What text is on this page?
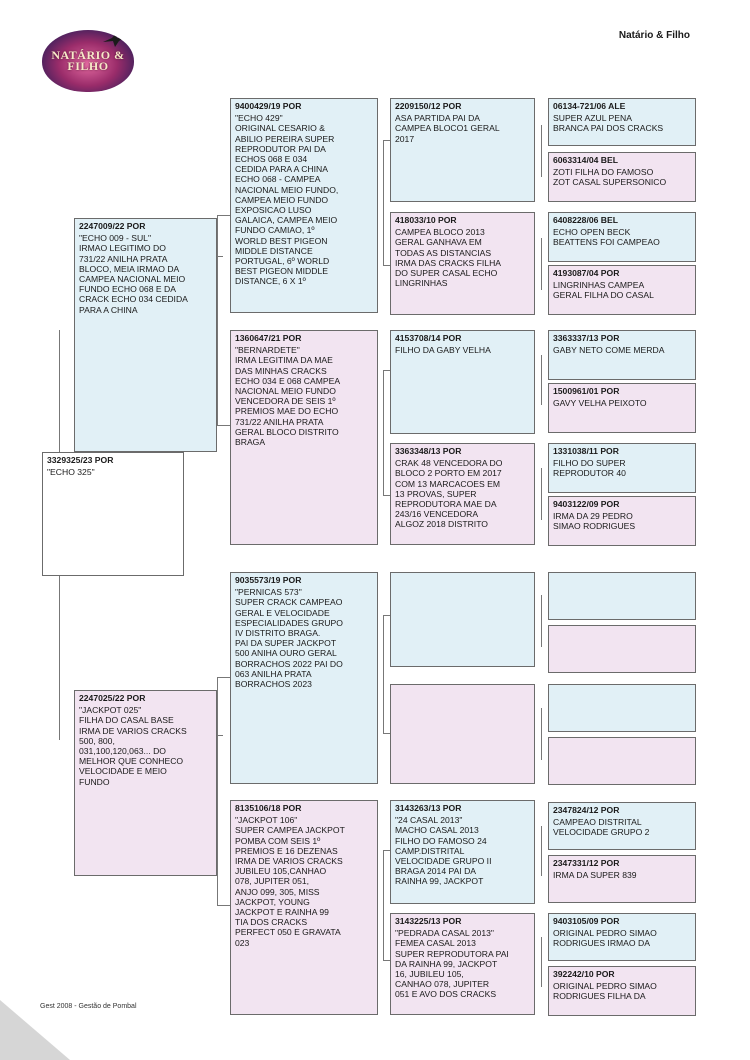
NATÁRIO & FILHO
Natário & Filho
3329325/23 POR
"ECHO 325"
2247009/22 POR
"ECHO 009 - SUL"
IRMAO LEGITIMO DO
731/22 ANILHA PRATA
BLOCO, MEIA IRMAO DA
CAMPEA NACIONAL MEIO
FUNDO ECHO 068 E DA
CRACK ECHO 034 CEDIDA
PARA A CHINA
2247025/22 POR
"JACKPOT 025"
FILHA DO CASAL BASE
IRMA DE VARIOS CRACKS
500, 800,
031,100,120,063... DO
MELHOR QUE CONHECO
VELOCIDADE E MEIO
FUNDO
9400429/19 POR
"ECHO 429"
ORIGINAL CESARIO &
ABILIO PEREIRA SUPER
REPRODUTOR PAI DA
ECHOS 068 E 034
CEDIDA PARA A CHINA
ECHO 068 - CAMPEA
NACIONAL MEIO FUNDO,
CAMPEA MEIO FUNDO
EXPOSICAO LUSO
GALAICA, CAMPEA MEIO
FUNDO CAMIAO, 1º
WORLD BEST PIGEON
MIDDLE DISTANCE
PORTUGAL, 6º WORLD
BEST PIGEON MIDDLE
DISTANCE, 6 X 1º
1360647/21 POR
"BERNARDETE"
IRMA LEGITIMA DA MAE
DAS MINHAS CRACKS
ECHO 034 E 068 CAMPEA
NACIONAL MEIO FUNDO
VENCEDORA DE SEIS 1º
PREMIOS MAE DO ECHO
731/22 ANILHA PRATA
GERAL BLOCO DISTRITO
BRAGA
9035573/19 POR
"PERNICAS 573"
SUPER CRACK CAMPEAO
GERAL E VELOCIDADE
ESPECIALIDADES GRUPO
IV DISTRITO BRAGA.
PAI DA SUPER JACKPOT
500 ANIHA OURO GERAL
BORRACHOS 2022 PAI DO
063 ANILHA PRATA
BORRACHOS 2023
8135106/18 POR
"JACKPOT 106"
SUPER CAMPEA JACKPOT
POMBA COM SEIS 1º
PREMIOS E 16 DEZENAS
IRMA DE VARIOS CRACKS
JUBILEU 105,CANHAO
078, JUPITER 051,
ANJO 099, 305, MISS
JACKPOT, YOUNG
JACKPOT E RAINHA 99
TIA DOS CRACKS
PERFECT 050 E GRAVATA
023
2209150/12 POR
ASA PARTIDA PAI DA
CAMPEA BLOCO1 GERAL
2017
418033/10 POR
CAMPEA BLOCO 2013
GERAL GANHAVA EM
TODAS AS DISTANCIAS
IRMA DAS CRACKS FILHA
DO SUPER CASAL ECHO
LINGRINHAS
4153708/14 POR
FILHO DA GABY VELHA
3363348/13 POR
CRAK 48 VENCEDORA DO
BLOCO 2 PORTO EM 2017
COM 13 MARCACOES EM
13 PROVAS, SUPER
REPRODUTORA MAE DA
243/16 VENCEDORA
ALGOZ 2018 DISTRITO
3143263/13 POR
"24 CASAL 2013"
MACHO CASAL 2013
FILHO DO FAMOSO 24
CAMP.DISTRITAL
VELOCIDADE GRUPO II
BRAGA 2014 PAI DA
RAINHA 99, JACKPOT
3143225/13 POR
"PEDRADA CASAL 2013"
FEMEA CASAL 2013
SUPER REPRODUTORA PAI
DA RAINHA 99, JACKPOT
16, JUBILEU 105,
CANHAO 078, JUPITER
051 E AVO DOS CRACKS
06134-721/06 ALE
SUPER AZUL PENA
BRANCA PAI DOS CRACKS
6063314/04 BEL
ZOTI FILHA DO FAMOSO
ZOT CASAL SUPERSONICO
6408228/06 BEL
ECHO OPEN BECK
BEATTENS FOI CAMPEAO
4193087/04 POR
LINGRINHAS CAMPEA
GERAL FILHA DO CASAL
3363337/13 POR
GABY NETO COME MERDA
1500961/01 POR
GAVY VELHA PEIXOTO
1331038/11 POR
FILHO DO SUPER
REPRODUTOR 40
9403122/09 POR
IRMA DA 29 PEDRO
SIMAO RODRIGUES
2347824/12 POR
CAMPEAO DISTRITAL
VELOCIDADE GRUPO 2
2347331/12 POR
IRMA DA SUPER 839
9403105/09 POR
ORIGINAL PEDRO SIMAO
RODRIGUES IRMAO DA
392242/10 POR
ORIGINAL PEDRO SIMAO
RODRIGUES FILHA DA
Gest 2008 - Gestão de Pombal
